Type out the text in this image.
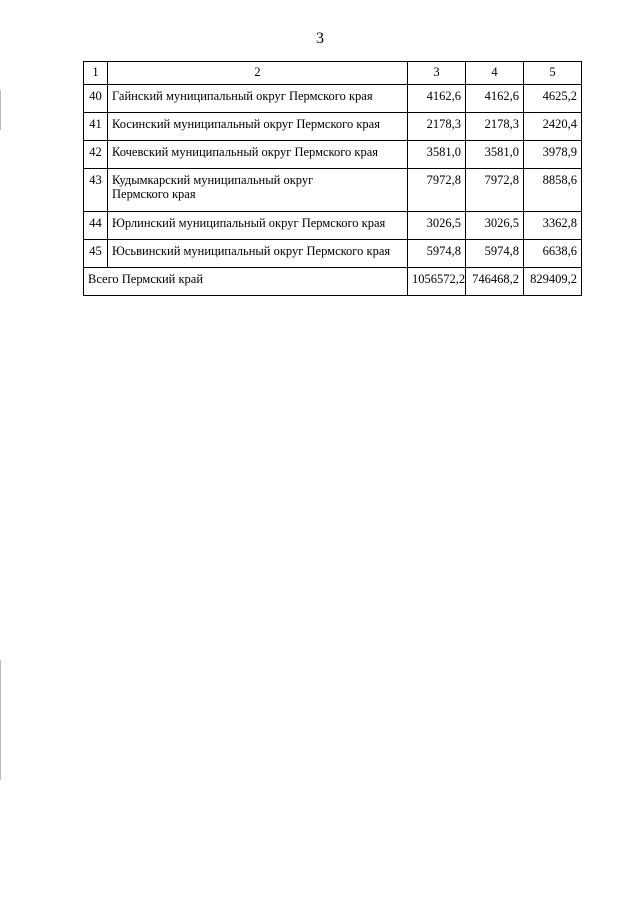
3
1	2	3	4	5
40	Гайнский муниципальный округ Пермского края	4162,6	4162,6	4625,2
41	Косинский муниципальный округ Пермского края	2178,3	2178,3	2420,4
42	Кочевский муниципальный округ Пермского края	3581,0	3581,0	3978,9
43	Кудымкарский муниципальный округ Пермского края	7972,8	7972,8	8858,6
44	Юрлинский муниципальный округ Пермского края	3026,5	3026,5	3362,8
45	Юсьвинский муниципальный округ Пермского края	5974,8	5974,8	6638,6
Всего Пермский край		1056572,2	746468,2	829409,2
